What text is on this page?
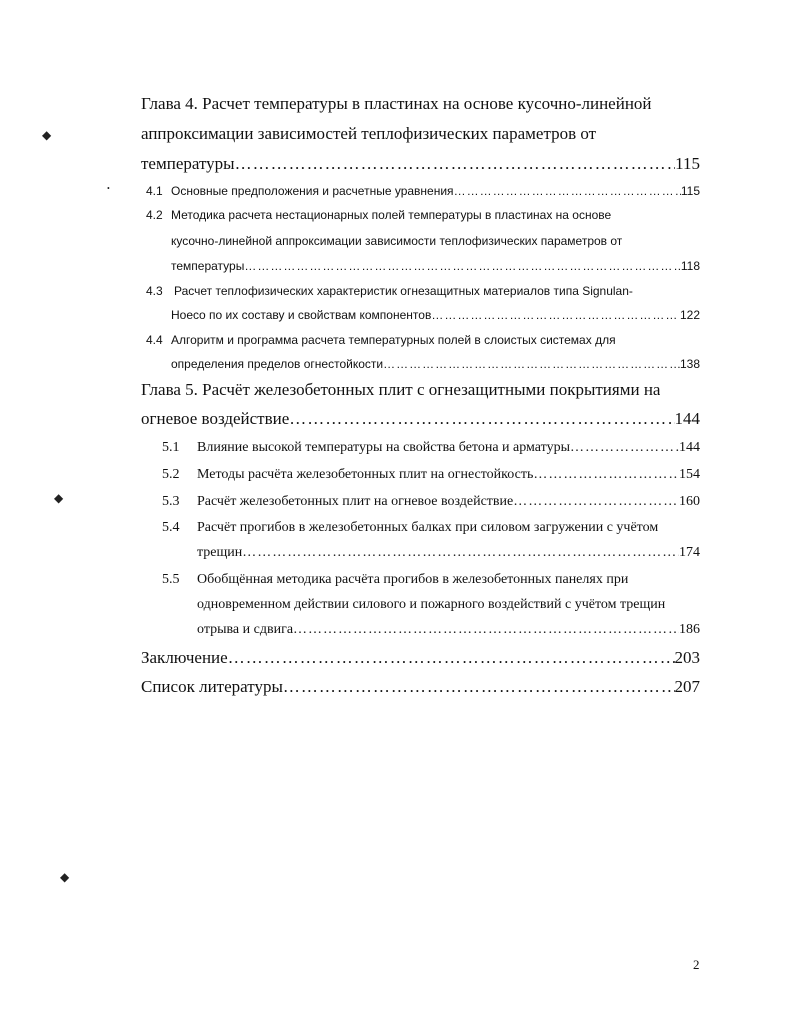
◆
•
◆
◆
Глава 4. Расчет температуры в пластинах на основе кусочно-линейной
аппроксимации зависимостей теплофизических параметров от
температуры …………………………………………………………………………………………………………………………………………………………………………………………………………………………………………	115
4.1 Основные предположения и расчетные уравнения …………………………………………………………………………………………………………………………………………………………………………………………………………………………………………	115
4.2 Методика расчета нестационарных полей температуры в пластинах на основе
кусочно-линейной аппроксимации зависимости теплофизических параметров от
температуры …………………………………………………………………………………………………………………………………………………………………………………………………………………………………………	118
4.3 Расчет теплофизических характеристик огнезащитных материалов типа Signulan-
Hoeco по их составу и свойствам компонентов …………………………………………………………………………………………………………………………………………………………………………………………………………………………………………	122
4.4 Алгоритм и программа расчета температурных полей в слоистых системах для
определения пределов огнестойкости …………………………………………………………………………………………………………………………………………………………………………………………………………………………………………	138
Глава 5. Расчёт железобетонных плит с огнезащитными покрытиями на
огневое воздействие …………………………………………………………………………………………………………………………………………………………………………………………………………………………………………	144
5.1 Влияние высокой температуры на свойства бетона и арматуры …………………………………………………………………………………………………………………………………………………………………………………………………………………………………………	144
5.2 Методы расчёта железобетонных плит на огнестойкость …………………………………………………………………………………………………………………………………………………………………………………………………………………………………………	154
5.3 Расчёт железобетонных плит на огневое воздействие …………………………………………………………………………………………………………………………………………………………………………………………………………………………………………	160
5.4 Расчёт прогибов в железобетонных балках при силовом загружении с учётом
трещин …………………………………………………………………………………………………………………………………………………………………………………………………………………………………………	174
5.5 Обобщённая методика расчёта прогибов в железобетонных панелях при
одновременном действии силового и пожарного воздействий с учётом трещин
отрыва и сдвига …………………………………………………………………………………………………………………………………………………………………………………………………………………………………………	186
Заключение …………………………………………………………………………………………………………………………………………………………………………………………………………………………………………	203
Список литературы …………………………………………………………………………………………………………………………………………………………………………………………………………………………………………	207
2
